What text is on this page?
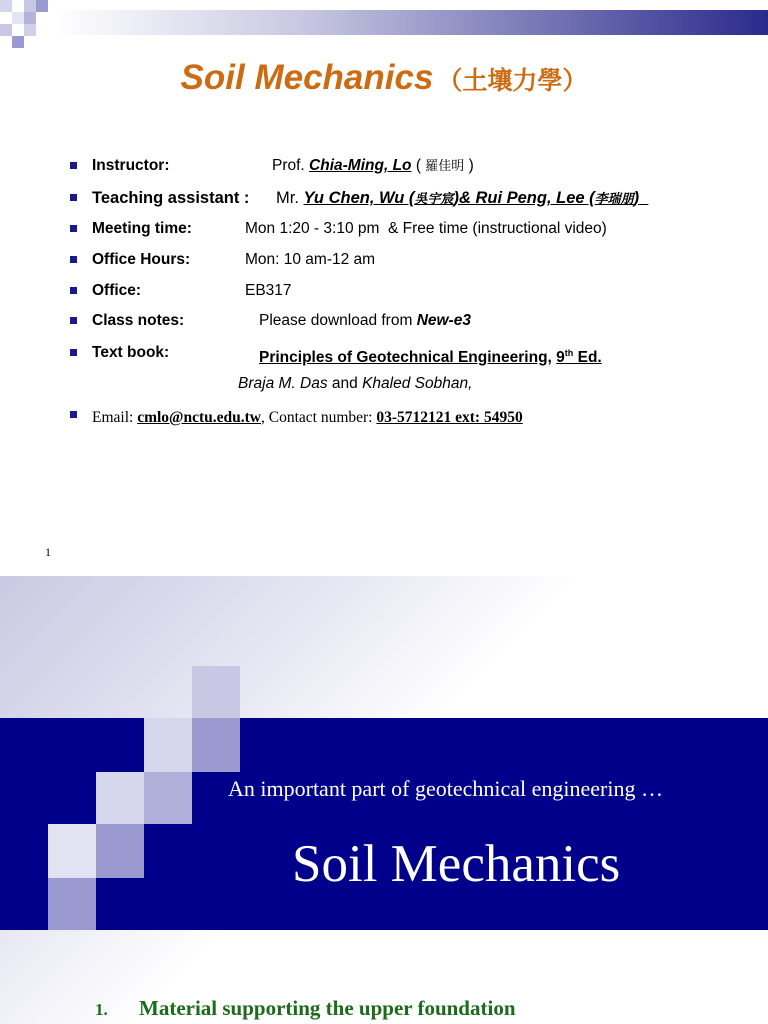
Soil Mechanics （土壤力學）
Instructor:	Prof. Chia-Ming, Lo ( 羅佳明 )
Teaching assistant : Mr. Yu Chen, Wu (吳宇宸)& Rui Peng, Lee (李瑞朋)
Meeting time:	Mon 1:20 - 3:10 pm  & Free time (instructional video)
Office Hours:	Mon: 10 am-12 am
Office:	EB317
Class notes:	Please download from New-e3
Text book:	Principles of Geotechnical Engineering, 9th Ed.
Braja M. Das and Khaled Sobhan,
Email: cmlo@nctu.edu.tw, Contact number: 03-5712121 ext: 54950
1
An important part of geotechnical engineering …
Soil Mechanics
1. Material supporting the upper foundation
